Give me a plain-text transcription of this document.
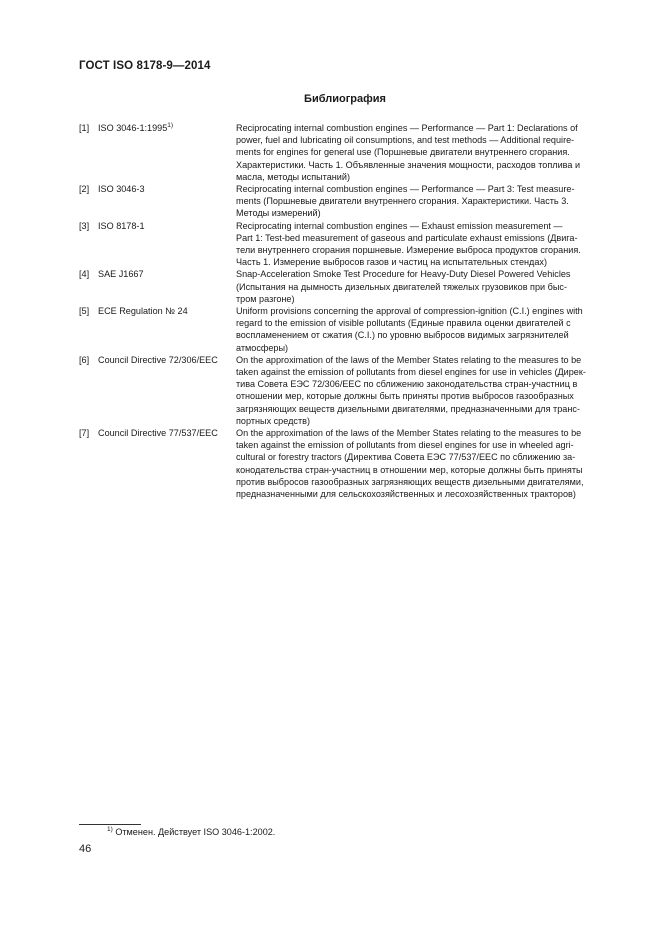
ГОСТ ISO 8178-9—2014
Библиография
[1] ISO 3046-1:1995$^{1)}$	Reciprocating internal combustion engines — Performance — Part 1: Declarations of
power, fuel and lubricating oil consumptions, and test methods — Additional require-
ments for engines for general use (Поршневые двигатели внутреннего сгорания.
Характеристики. Часть 1. Объявленные значения мощности, расходов топлива и
масла, методы испытаний)
[2] ISO 3046-3	Reciprocating internal combustion engines — Performance — Part 3: Test measure-
ments (Поршневые двигатели внутреннего сгорания. Характеристики. Часть 3.
Методы измерений)
[3] ISO 8178-1	Reciprocating internal combustion engines — Exhaust emission measurement —
Part 1: Test-bed measurement of gaseous and particulate exhaust emissions (Двига-
тели внутреннего сгорания поршневые. Измерение выброса продуктов сгорания.
Часть 1. Измерение выбросов газов и частиц на испытательных стендах)
[4] SAE J1667	Snap-Acceleration Smoke Test Procedure for Heavy-Duty Diesel Powered Vehicles
(Испытания на дымность дизельных двигателей тяжелых грузовиков при быс-
тром разгоне)
[5] ECE Regulation № 24	Uniform provisions concerning the approval of compression-ignition (C.I.) engines with
regard to the emission of visible pollutants (Единые правила оценки двигателей с
воспламенением от сжатия (C.I.) по уровню выбросов видимых загрязнителей
атмосферы)
[6] Council Directive 72/306/EEC	On the approximation of the laws of the Member States relating to the measures to be
taken against the emission of pollutants from diesel engines for use in vehicles (Дирек-
тива Совета ЕЭС 72/306/EEC по сближению законодательства стран-участниц в
отношении мер, которые должны быть приняты против выбросов газообразных
загрязняющих веществ дизельными двигателями, предназначенными для транс-
портных средств)
[7] Council Directive 77/537/EEC	On the approximation of the laws of the Member States relating to the measures to be
taken against the emission of pollutants from diesel engines for use in wheeled agri-
cultural or forestry tractors (Директива Совета ЕЭС 77/537/EEC по сближению за-
конодательства стран-участниц в отношении мер, которые должны быть приняты
против выбросов газообразных загрязняющих веществ дизельными двигателями,
предназначенными для сельскохозяйственных и лесохозяйственных тракторов)
$^{1)}$ Отменен. Действует ISO 3046-1:2002.
46
